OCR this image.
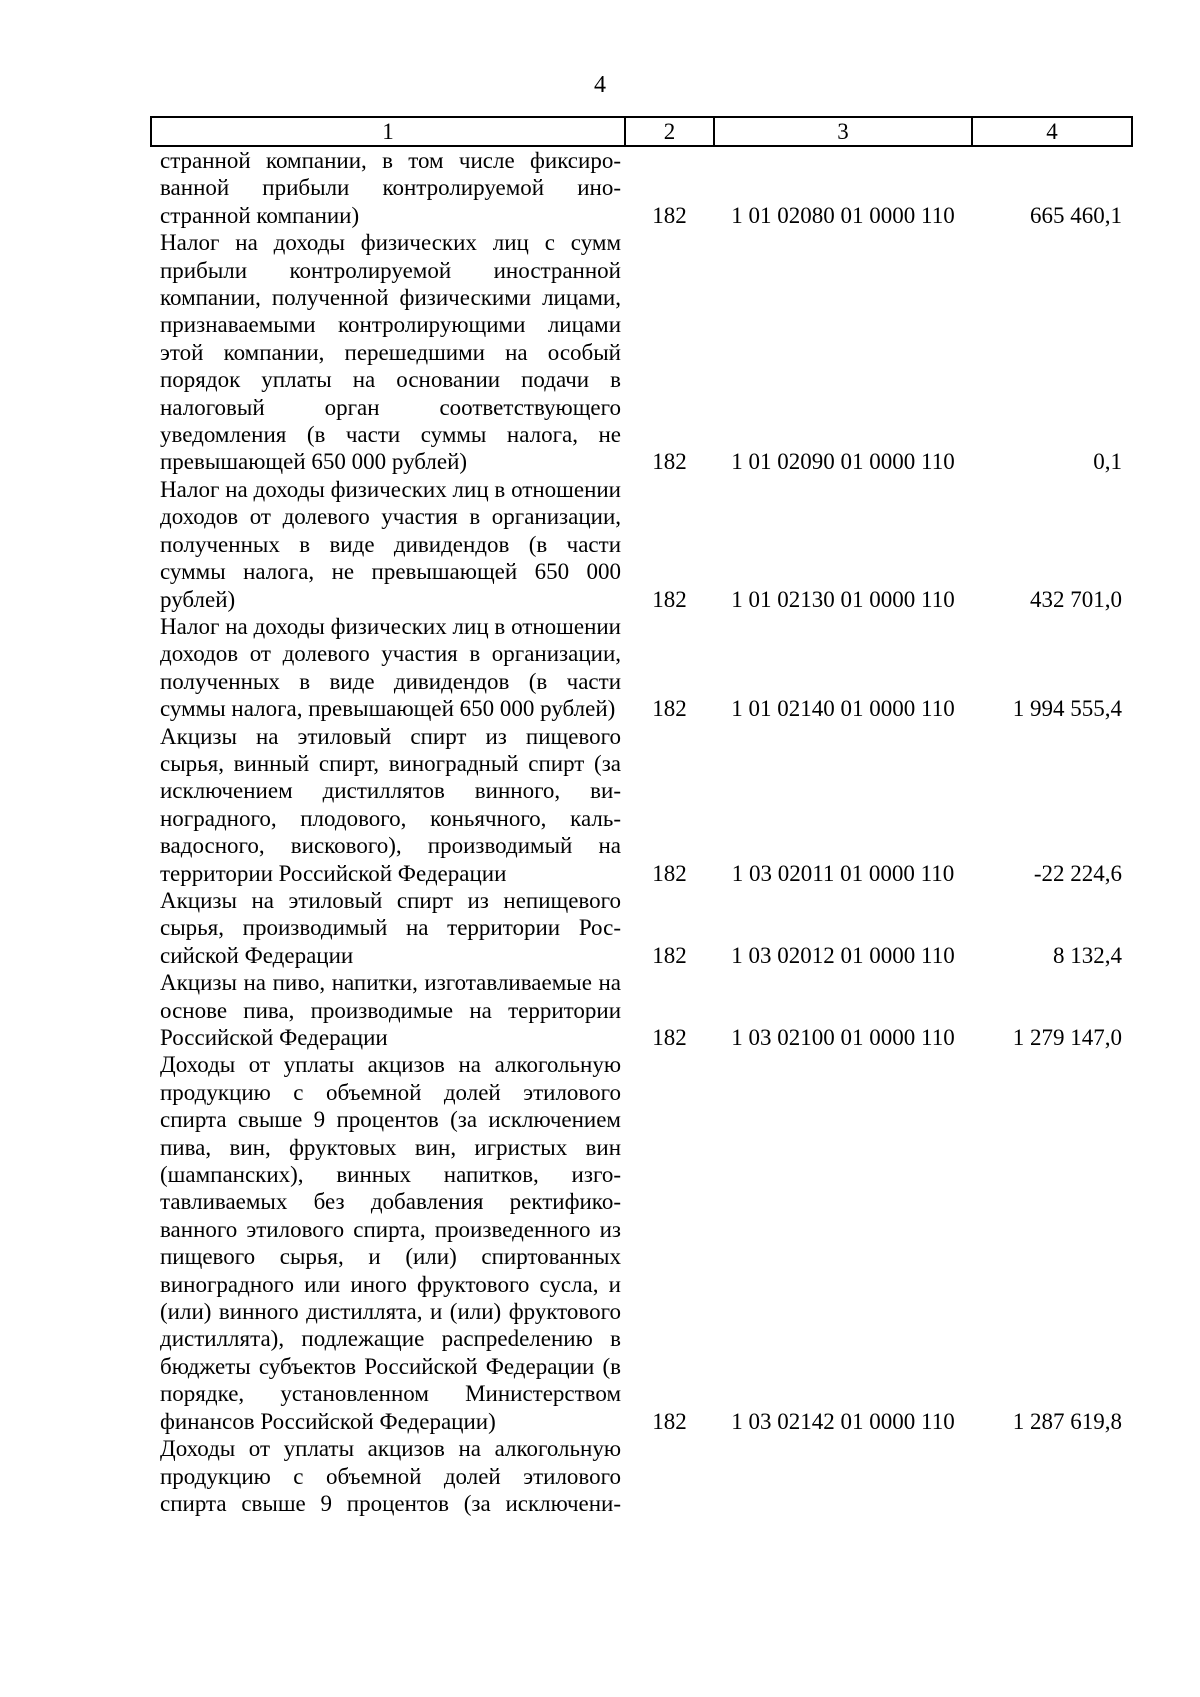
4
1	2	3	4
странной компании, в том числе фиксированной прибыли контролируемой иностранной компании)	182	1 01 02080 01 0000 110	665 460,1
Налог на доходы физических лиц с сумм прибыли контролируемой иностранной компании, полученной физическими лицами, признаваемыми контролирующими лицами этой компании, перешедшими на особый порядок уплаты на основании подачи в налоговый орган соответствующего уведомления (в части суммы налога, не превышающей 650 000 рублей)	182	1 01 02090 01 0000 110	0,1
Налог на доходы физических лиц в отношении доходов от долевого участия в организации, полученных в виде дивидендов (в части суммы налога, не превышающей 650 000 рублей)	182	1 01 02130 01 0000 110	432 701,0
Налог на доходы физических лиц в отношении доходов от долевого участия в организации, полученных в виде дивидендов (в части суммы налога, превышающей 650 000 рублей)	182	1 01 02140 01 0000 110	1 994 555,4
Акцизы на этиловый спирт из пищевого сырья, винный спирт, виноградный спирт (за исключением дистиллятов винного, виноградного, плодового, коньячного, кальвадосного, вискового), производимый на территории Российской Федерации	182	1 03 02011 01 0000 110	-22 224,6
Акцизы на этиловый спирт из непищевого сырья, производимый на территории Российской Федерации	182	1 03 02012 01 0000 110	8 132,4
Акцизы на пиво, напитки, изготавливаемые на основе пива, производимые на территории Российской Федерации	182	1 03 02100 01 0000 110	1 279 147,0
Доходы от уплаты акцизов на алкогольную продукцию с объемной долей этилового спирта свыше 9 процентов (за исключением пива, вин, фруктовых вин, игристых вин (шампанских), винных напитков, изготавливаемых без добавления ректификованного этилового спирта, произведенного из пищевого сырья, и (или) спиртованных виноградного или иного фруктового сусла, и (или) винного дистиллята, и (или) фруктового дистиллята), подлежащие распреdелению в бюджеты субъектов Российской Федерации (в порядке, установленном Министерством финансов Российской Федерации)	182	1 03 02142 01 0000 110	1 287 619,8
Доходы от уплаты акцизов на алкогольную продукцию с объемной долей этилового спирта свыше 9 процентов (за исключени-			
